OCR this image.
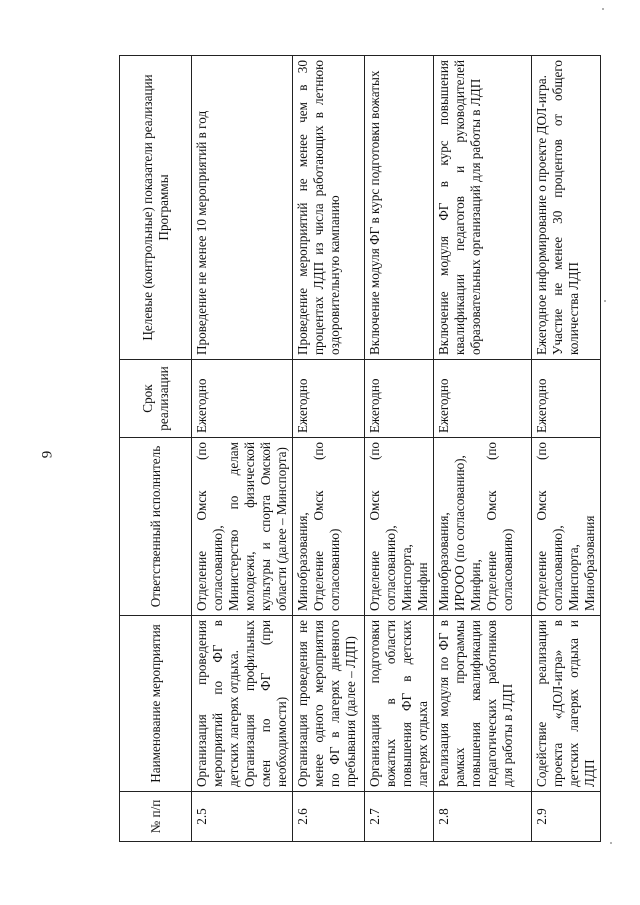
9
№ п/п	Наименование мероприятия	Ответственный исполнитель	Срок реализации	Целевые (контрольные) показатели реализации Программы
2.5	Организация проведения мероприятий по ФГ в детских лагерях отдыха. Организация профильных смен по ФГ (при необходимости)	Отделение Омск (по согласованию), Министерство по делам молодежи, физической культуры и спорта Омской области (далее – Минспорта)	Ежегодно	Проведение не менее 10 мероприятий в год

2.6	Организация проведения не менее одного мероприятия по ФГ в лагерях дневного пребывания (далее – ЛДП)	Минобразования, Отделение Омск (по согласованию)	Ежегодно	Проведение мероприятий не менее чем в 30 процентах ЛДП из числа работающих в летнюю оздоровительную кампанию

2.7	Организация подготовки вожатых в области повышения ФГ в детских лагерях отдыха	Отделение Омск (по согласованию), Минспорта, Минфин	Ежегодно	Включение модуля ФГ в курс подготовки вожатых

2.8	Реализация модуля по ФГ в рамках программы повышения квалификации педагогических работников для работы в ЛДП	Минобразования, ИРООО (по согласованию), Минфин, Отделение Омск (по согласованию)	Ежегодно	Включение модуля ФГ в курс повышения квалификации педагогов и руководителей образовательных организаций для работы в ЛДП

2.9	Содействие реализации проекта «ДОЛ-игра» в детских лагерях отдыха и ЛДП	Отделение Омск (по согласованию), Минспорта, Минобразования	Ежегодно	Ежегодное информирование о проекте ДОЛ-игра. Участие не менее 30 процентов от общего количества ЛДП
